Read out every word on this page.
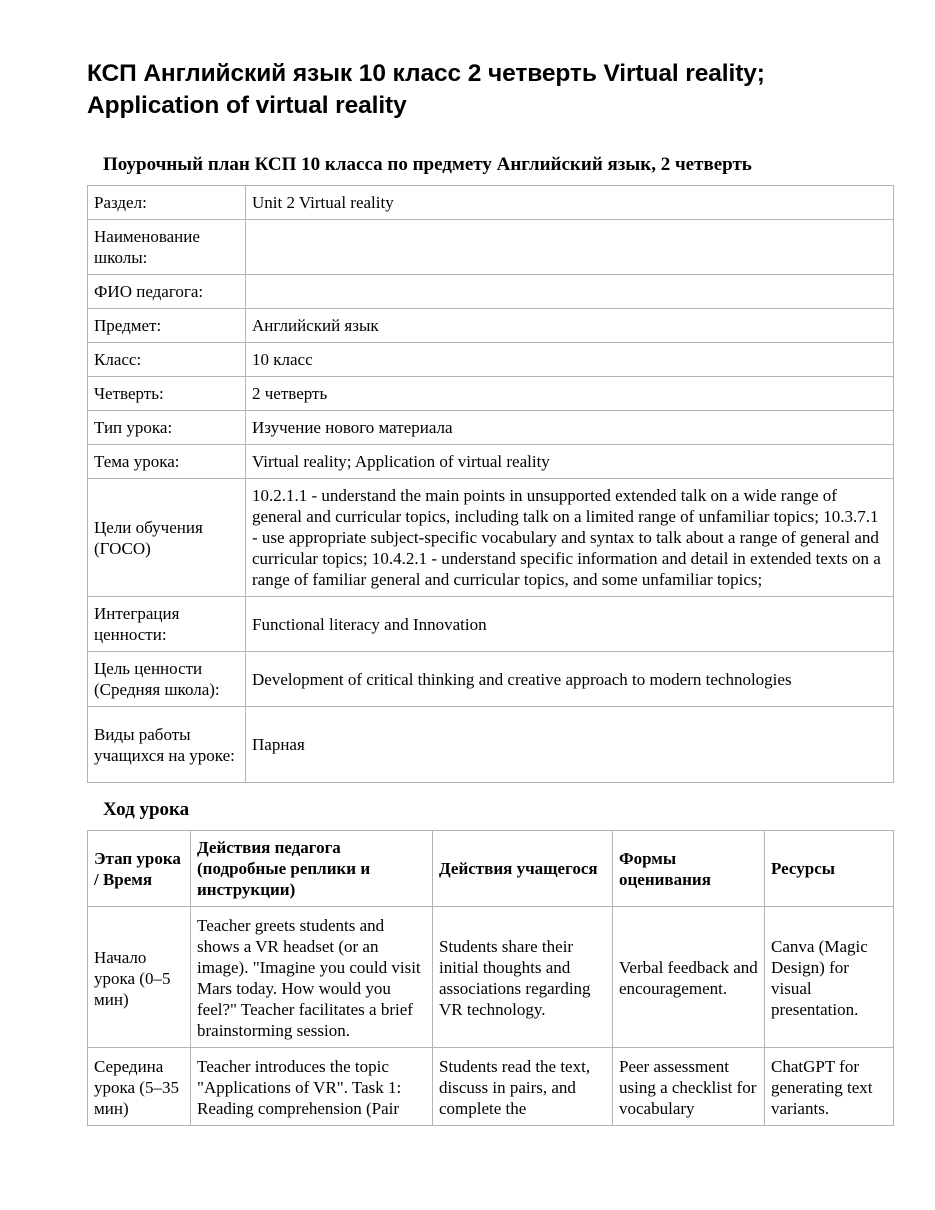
КСП Английский язык 10 класс 2 четверть Virtual reality; Application of virtual reality
Поурочный план КСП 10 класса по предмету Английский язык, 2 четверть
Раздел:	Unit 2 Virtual reality
Наименование школы:	
ФИО педагога:	
Предмет:	Английский язык
Класс:	10 класс
Четверть:	2 четверть
Тип урока:	Изучение нового материала
Тема урока:	Virtual reality; Application of virtual reality
Цели обучения (ГОСО)	10.2.1.1 - understand the main points in unsupported extended talk on a wide range of general and curricular topics, including talk on a limited range of unfamiliar topics; 10.3.7.1 - use appropriate subject-specific vocabulary and syntax to talk about a range of general and curricular topics; 10.4.2.1 - understand specific information and detail in extended texts on a range of familiar general and curricular topics, and some unfamiliar topics;
Интеграция ценности:	Functional literacy and Innovation
Цель ценности (Средняя школа):	Development of critical thinking and creative approach to modern technologies
Виды работы учащихся на уроке:	Парная
Ход урока
Этап урока / Время	Действия педагога (подробные реплики и инструкции)	Действия учащегося	Формы оценивания	Ресурсы
Начало урока (0–5 мин)	Teacher greets students and shows a VR headset (or an image). "Imagine you could visit Mars today. How would you feel?" Teacher facilitates a brief brainstorming session.	Students share their initial thoughts and associations regarding VR technology.	Verbal feedback and encouragement.	Canva (Magic Design) for visual presentation.
Середина урока (5–35 мин)	Teacher introduces the topic "Applications of VR". Task 1: Reading comprehension (Pair	Students read the text, discuss in pairs, and complete the	Peer assessment using a checklist for vocabulary	ChatGPT for generating text variants.
